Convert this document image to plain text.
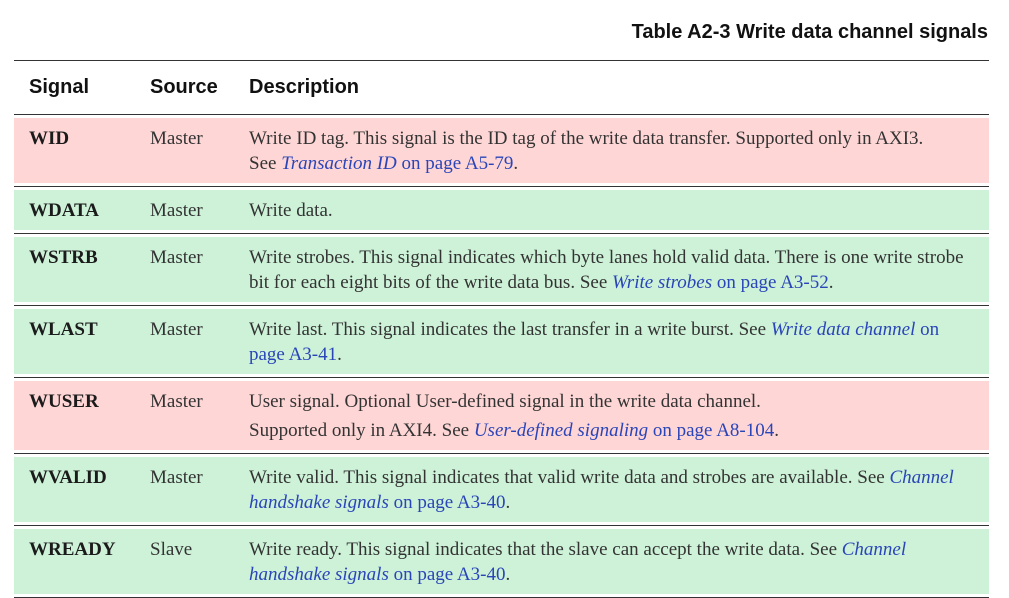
Table A2-3 Write data channel signals
Signal	Source Description
WID	Master Write ID tag. This signal is the ID tag of the write data transfer. Supported only in AXI3.
See Transaction ID on page A5-79.
WDATA	Master Write data.
WSTRB	Master Write strobes. This signal indicates which byte lanes hold valid data. There is one write strobe bit for each eight bits of the write data bus. See Write strobes on page A3-52.
WLAST	Master Write last. This signal indicates the last transfer in a write burst. See Write data channel on page A3-41.
WUSER	Master User signal. Optional User-defined signal in the write data channel.
Supported only in AXI4. See User-defined signaling on page A8-104.
WVALID Master Write valid. This signal indicates that valid write data and strobes are available. See Channel handshake signals on page A3-40.
WREADY Slave	Write ready. This signal indicates that the slave can accept the write data. See Channel handshake signals on page A3-40.
